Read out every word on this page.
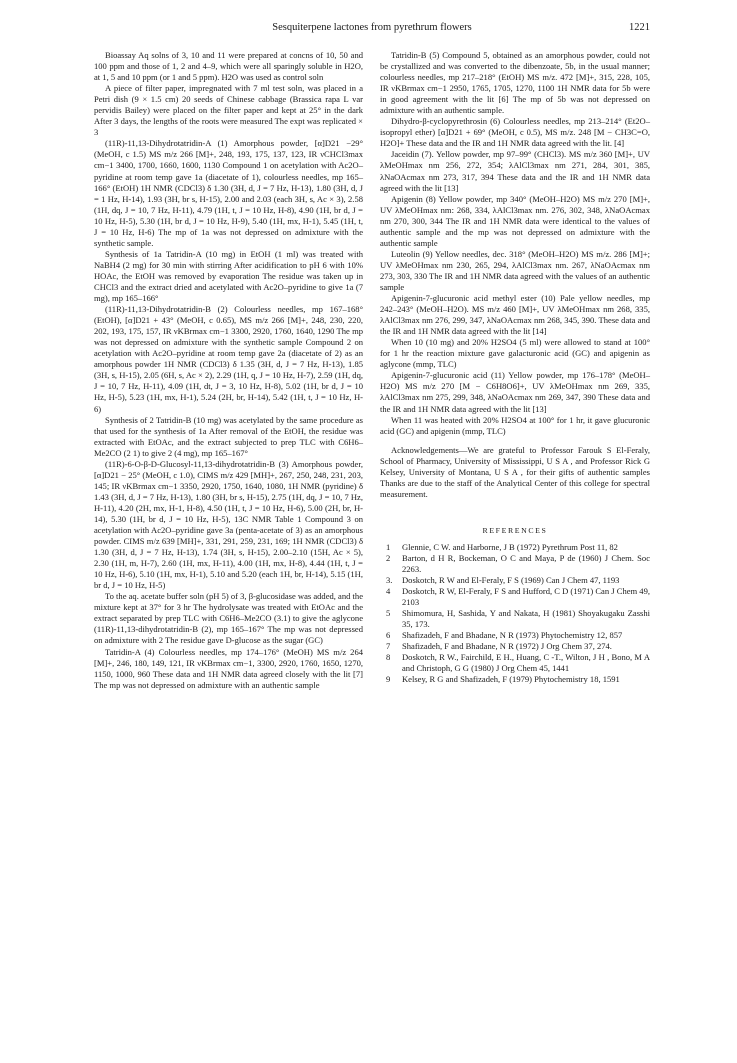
Sesquiterpene lactones from pyrethrum flowers	1221

Bioassay Aq solns of 3, 10 and 11 were prepared at concns of 10, 50 and 100 ppm and those of 1, 2 and 4–9, which were all sparingly soluble in H2O, at 1, 5 and 10 ppm (or 1 and 5 ppm). H2O was used as control soln

A piece of filter paper, impregnated with 7 ml test soln, was placed in a Petri dish (9 × 1.5 cm) 20 seeds of Chinese cabbage (Brassica rapa L var pervidis Bailey) were placed on the filter paper and kept at 25° in the dark After 3 days, the lengths of the roots were measured The expt was replicated × 3

(11R)-11,13-Dihydrotatridin-A (1) Amorphous powder, [α]D21 −29° (MeOH, c 1.5) MS m/z 266 [M]+, 248, 193, 175, 137, 123, IR νCHCl3max cm−1 3400, 1700, 1660, 1600, 1130 Compound 1 on acetylation with Ac2O–pyridine at room temp gave 1a (diacetate of 1), colourless needles, mp 165–166° (EtOH) 1H NMR (CDCl3) δ 1.30 (3H, d, J = 7 Hz, H-13), 1.80 (3H, d, J = 1 Hz, H-14), 1.93 (3H, br s, H-15), 2.00 and 2.03 (each 3H, s, Ac × 3), 2.58 (1H, dq, J = 10, 7 Hz, H-11), 4.79 (1H, t, J = 10 Hz, H-8), 4.90 (1H, br d, J = 10 Hz, H-5), 5.30 (1H, br d, J = 10 Hz, H-9), 5.40 (1H, mx, H-1), 5.45 (1H, t, J = 10 Hz, H-6) The mp of 1a was not depressed on admixture with the synthetic sample.

Synthesis of 1a Tatridin-A (10 mg) in EtOH (1 ml) was treated with NaBH4 (2 mg) for 30 min with stirring After acidification to pH 6 with 10% HOAc, the EtOH was removed by evaporation The residue was taken up in CHCl3 and the extract dried and acetylated with Ac2O–pyridine to give 1a (7 mg), mp 165–166°

(11R)-11,13-Dihydrotatridin-B (2) Colourless needles, mp 167–168° (EtOH), [α]D21 + 43° (MeOH, c 0.65), MS m/z 266 [M]+, 248, 230, 220, 202, 193, 175, 157, IR νKBrmax cm−1 3300, 2920, 1760, 1640, 1290 The mp was not depressed on admixture with the synthetic sample Compound 2 on acetylation with Ac2O–pyridine at room temp gave 2a (diacetate of 2) as an amorphous powder 1H NMR (CDCl3) δ 1.35 (3H, d, J = 7 Hz, H-13), 1.85 (3H, s, H-15), 2.05 (6H, s, Ac × 2), 2.29 (1H, q, J = 10 Hz, H-7), 2.59 (1H, dq, J = 10, 7 Hz, H-11), 4.09 (1H, dt, J = 3, 10 Hz, H-8), 5.02 (1H, br d, J = 10 Hz, H-5), 5.23 (1H, mx, H-1), 5.24 (2H, br, H-14), 5.42 (1H, t, J = 10 Hz, H-6)

Synthesis of 2 Tatridin-B (10 mg) was acetylated by the same procedure as that used for the synthesis of 1a After removal of the EtOH, the residue was extracted with EtOAc, and the extract subjected to prep TLC with C6H6–Me2CO (2 1) to give 2 (4 mg), mp 165–167°

(11R)-6-O-β-D-Glucosyl-11,13-dihydrotatridin-B (3) Amorphous powder, [α]D21 − 25° (MeOH, c 1.0), CIMS m/z 429 [MH]+, 267, 250, 248, 231, 203, 145; IR νKBrmax cm−1 3350, 2920, 1750, 1640, 1080, 1H NMR (pyridine) δ 1.43 (3H, d, J = 7 Hz, H-13), 1.80 (3H, br s, H-15), 2.75 (1H, dq, J = 10, 7 Hz, H-11), 4.20 (2H, mx, H-1, H-8), 4.50 (1H, t, J = 10 Hz, H-6), 5.00 (2H, br, H-14), 5.30 (1H, br d, J = 10 Hz, H-5), 13C NMR Table 1 Compound 3 on acetylation with Ac2O–pyridine gave 3a (penta-acetate of 3) as an amorphous powder. CIMS m/z 639 [MH]+, 331, 291, 259, 231, 169; 1H NMR (CDCl3) δ 1.30 (3H, d, J = 7 Hz, H-13), 1.74 (3H, s, H-15), 2.00–2.10 (15H, Ac × 5), 2.30 (1H, m, H-7), 2.60 (1H, mx, H-11), 4.00 (1H, mx, H-8), 4.44 (1H, t, J = 10 Hz, H-6), 5.10 (1H, mx, H-1), 5.10 and 5.20 (each 1H, br, H-14), 5.15 (1H, br d, J = 10 Hz, H-5)

To the aq. acetate buffer soln (pH 5) of 3, β-glucosidase was added, and the mixture kept at 37° for 3 hr The hydrolysate was treated with EtOAc and the extract separated by prep TLC with C6H6–Me2CO (3.1) to give the aglycone (11R)-11,13-dihydrotatridin-B (2), mp 165–167° The mp was not depressed on admixture with 2 The residue gave D-glucose as the sugar (GC)

Tatridin-A (4) Colourless needles, mp 174–176° (MeOH) MS m/z 264 [M]+, 246, 180, 149, 121, IR νKBrmax cm−1, 3300, 2920, 1760, 1650, 1270, 1150, 1000, 960 These data and 1H NMR data agreed closely with the lit [7] The mp was not depressed on admixture with an authentic sample

Tatridin-B (5) Compound 5, obtained as an amorphous powder, could not be crystallized and was converted to the dibenzoate, 5b, in the usual manner; colourless needles, mp 217–218° (EtOH) MS m/z. 472 [M]+, 315, 228, 105, IR νKBrmax cm−1 2950, 1765, 1705, 1270, 1100 1H NMR data for 5b were in good agreement with the lit [6] The mp of 5b was not depressed on admixture with an authentic sample.

Dihydro-β-cyclopyrethrosin (6) Colourless needles, mp 213–214° (Et2O–isopropyl ether) [α]D21 + 69° (MeOH, c 0.5), MS m/z. 248 [M − CH3C=O, H2O]+ These data and the IR and 1H NMR data agreed with the lit. [4]

Jaceidin (7). Yellow powder, mp 97–99° (CHCl3). MS m/z 360 [M]+, UV λMeOHmax nm 256, 272, 354; λAlCl3max nm 271, 284, 301, 385, λNaOAcmax nm 273, 317, 394 These data and the IR and 1H NMR data agreed with the lit [13]

Apigenin (8) Yellow powder, mp 340° (MeOH–H2O) MS m/z 270 [M]+, UV λMeOHmax nm: 268, 334, λAlCl3max nm. 276, 302, 348, λNaOAcmax nm 270, 300, 344 The IR and 1H NMR data were identical to the values of authentic sample and the mp was not depressed on admixture with the authentic sample

Luteolin (9) Yellow needles, dec. 318° (MeOH–H2O) MS m/z. 286 [M]+; UV λMeOHmax nm 230, 265, 294, λAlCl3max nm. 267, λNaOAcmax nm 273, 303, 330 The IR and 1H NMR data agreed with the values of an authentic sample

Apigenin-7-glucuronic acid methyl ester (10) Pale yellow needles, mp 242–243° (MeOH–H2O). MS m/z 460 [M]+, UV λMeOHmax nm 268, 335, λAlCl3max nm 276, 299, 347, λNaOAcmax nm 268, 345, 390. These data and the IR and 1H NMR data agreed with the lit [14]

When 10 (10 mg) and 20% H2SO4 (5 ml) were allowed to stand at 100° for 1 hr the reaction mixture gave galacturonic acid (GC) and apigenin as aglycone (mmp, TLC)

Apigenin-7-glucuronic acid (11) Yellow powder, mp 176–178° (MeOH–H2O) MS m/z 270 [M − C6H8O6]+, UV λMeOHmax nm 269, 335, λAlCl3max nm 275, 299, 348, λNaOAcmax nm 269, 347, 390 These data and the IR and 1H NMR data agreed with the lit [13]

When 11 was heated with 20% H2SO4 at 100° for 1 hr, it gave glucuronic acid (GC) and apigenin (mmp, TLC)

Acknowledgements—We are grateful to Professor Farouk S El-Feraly, School of Pharmacy, University of Mississippi, U S A , and Professor Rick G Kelsey, University of Montana, U S A , for their gifts of authentic samples Thanks are due to the staff of the Analytical Center of this college for spectral measurement.

REFERENCES
1 Glennie, C W. and Harborne, J B (1972) Pyrethrum Post 11, 82
2 Barton, d H R, Bockeman, O C and Maya, P de (1960) J Chem. Soc 2263.
3. Doskotch, R W and El-Feraly, F S (1969) Can J Chem 47, 1193
4 Doskotch, R W, El-Feraly, F S and Hufford, C D (1971) Can J Chem 49, 2103
5 Shimomura, H, Sashida, Y and Nakata, H (1981) Shoyakugaku Zasshi 35, 173.
6 Shafizadeh, F and Bhadane, N R (1973) Phytochemistry 12, 857
7 Shafizadeh, F and Bhadane, N R (1972) J Org Chem 37, 274.
8 Doskotch, R W., Fairchild, E H., Huang, C -T., Wilton, J H , Bono, M A and Christoph, G G (1980) J Org Chem 45, 1441
9 Kelsey, R G and Shafizadeh, F (1979) Phytochemistry 18, 1591
